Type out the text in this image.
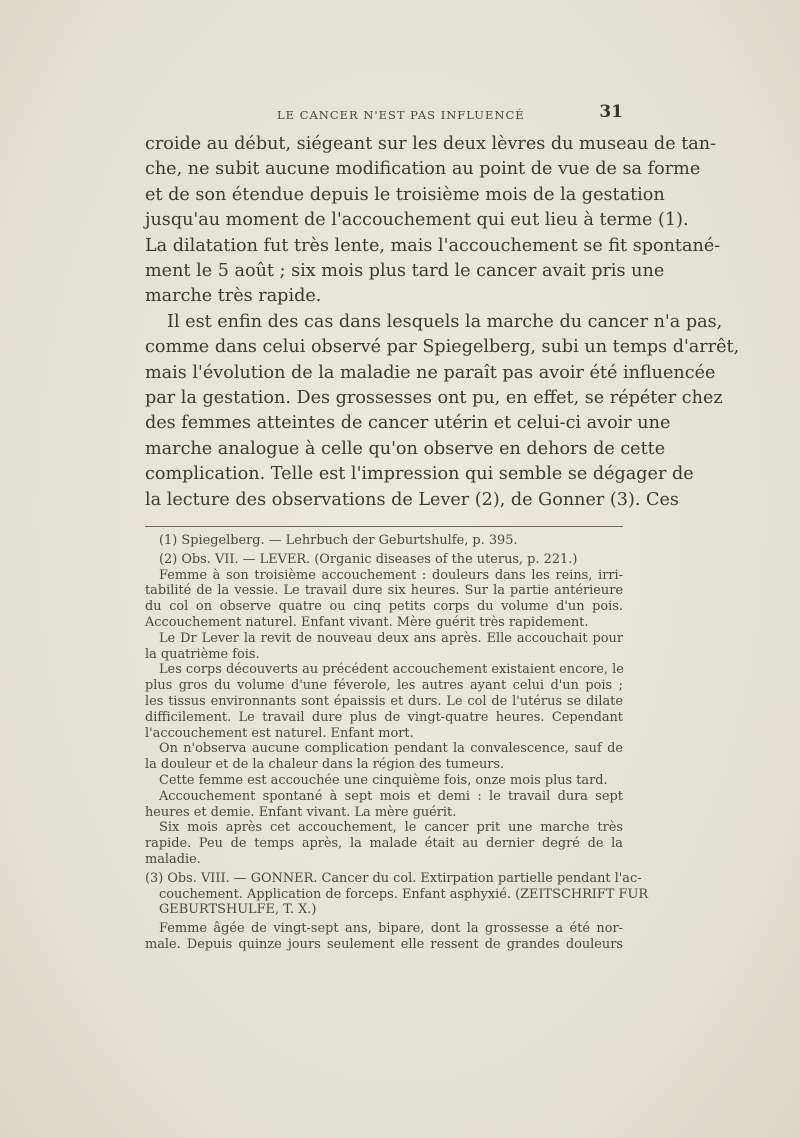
LE CANCER N'EST PAS INFLUENCÉ	31
croide au début, siégeant sur les deux lèvres du museau de tan-
che, ne subit aucune modification au point de vue de sa forme
et de son étendue depuis le troisième mois de la gestation
jusqu'au moment de l'accouchement qui eut lieu à terme (1).
La dilatation fut très lente, mais l'accouchement se fit spontané-
ment le 5 août ; six mois plus tard le cancer avait pris une
marche très rapide.
Il est enfin des cas dans lesquels la marche du cancer n'a pas,
comme dans celui observé par Spiegelberg, subi un temps d'arrêt,
mais l'évolution de la maladie ne paraît pas avoir été influencée
par la gestation. Des grossesses ont pu, en effet, se répéter chez
des femmes atteintes de cancer utérin et celui-ci avoir une
marche analogue à celle qu'on observe en dehors de cette
complication. Telle est l'impression qui semble se dégager de
la lecture des observations de Lever (2), de Gonner (3). Ces
(1) Spiegelberg. — Lehrbuch der Geburtshulfe, p. 395.
(2) Obs. VII. — LEVER. (Organic diseases of the uterus, p. 221.)
Femme à son troisième accouchement : douleurs dans les reins, irri-
tabilité de la vessie. Le travail dure six heures. Sur la partie antérieure
du col on observe quatre ou cinq petits corps du volume d'un pois.
Accouchement naturel. Enfant vivant. Mère guérit très rapidement.
Le Dr Lever la revit de nouveau deux ans après. Elle accouchait pour
la quatrième fois.
Les corps découverts au précédent accouchement existaient encore, le
plus gros du volume d'une féverole, les autres ayant celui d'un pois ;
les tissus environnants sont épaissis et durs. Le col de l'utérus se dilate
difficilement. Le travail dure plus de vingt-quatre heures. Cependant
l'accouchement est naturel. Enfant mort.
On n'observa aucune complication pendant la convalescence, sauf de
la douleur et de la chaleur dans la région des tumeurs.
Cette femme est accouchée une cinquième fois, onze mois plus tard.
Accouchement spontané à sept mois et demi : le travail dura sept
heures et demie. Enfant vivant. La mère guérit.
Six mois après cet accouchement, le cancer prit une marche très
rapide. Peu de temps après, la malade était au dernier degré de la
maladie.
(3) Obs. VIII. — GONNER. Cancer du col. Extirpation partielle pendant l'ac-
couchement. Application de forceps. Enfant asphyxié. (ZEITSCHRIFT FUR
GEBURTSHULFE, T. X.)
Femme âgée de vingt-sept ans, bipare, dont la grossesse a été nor-
male. Depuis quinze jours seulement elle ressent de grandes douleurs
